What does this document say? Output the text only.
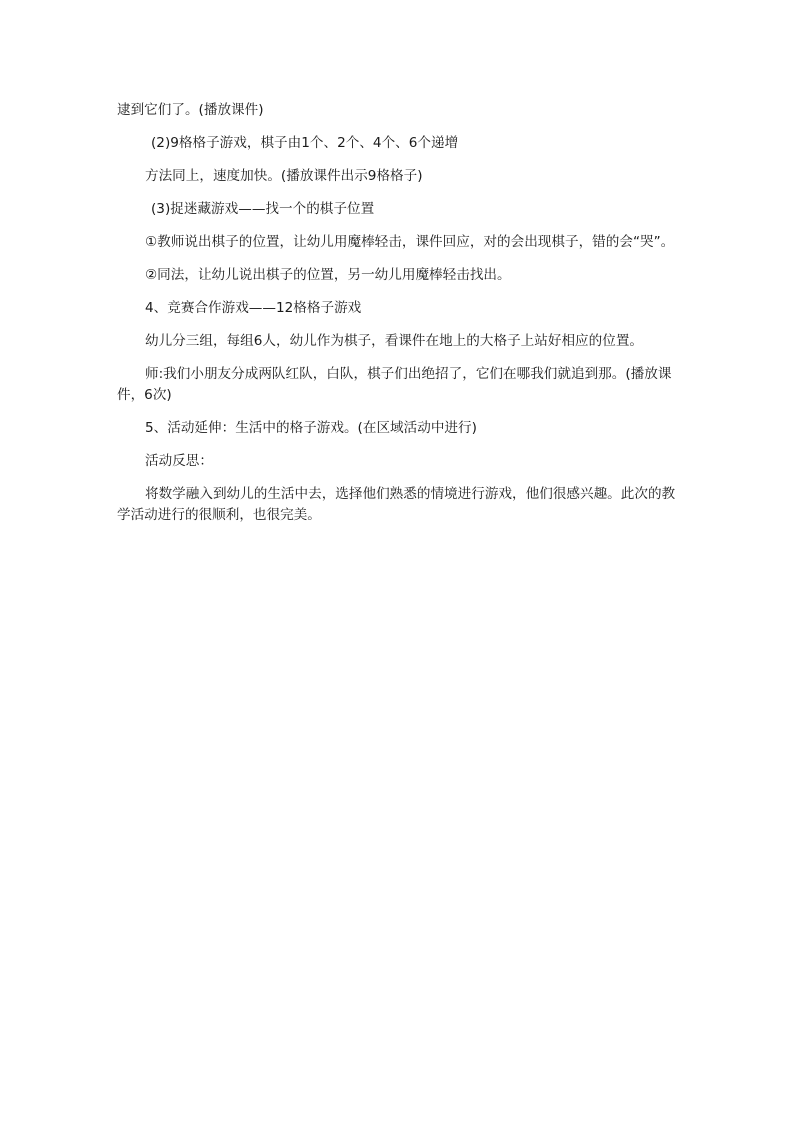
逮到它们了。(播放课件)

(2)9格格子游戏，棋子由1个、2个、4个、6个递增

方法同上，速度加快。(播放课件出示9格格子)

(3)捉迷藏游戏——找一个的棋子位置

①教师说出棋子的位置，让幼儿用魔棒轻击，课件回应，对的会出现棋子，错的会“哭”。

②同法，让幼儿说出棋子的位置，另一幼儿用魔棒轻击找出。

4、竞赛合作游戏——12格格子游戏

幼儿分三组，每组6人，幼儿作为棋子，看课件在地上的大格子上站好相应的位置。

师:我们小朋友分成两队红队，白队，棋子们出绝招了，它们在哪我们就追到那。(播放课件，6次)

5、活动延伸：生活中的格子游戏。(在区域活动中进行)

活动反思：

将数学融入到幼儿的生活中去，选择他们熟悉的情境进行游戏，他们很感兴趣。此次的教学活动进行的很顺利，也很完美。
